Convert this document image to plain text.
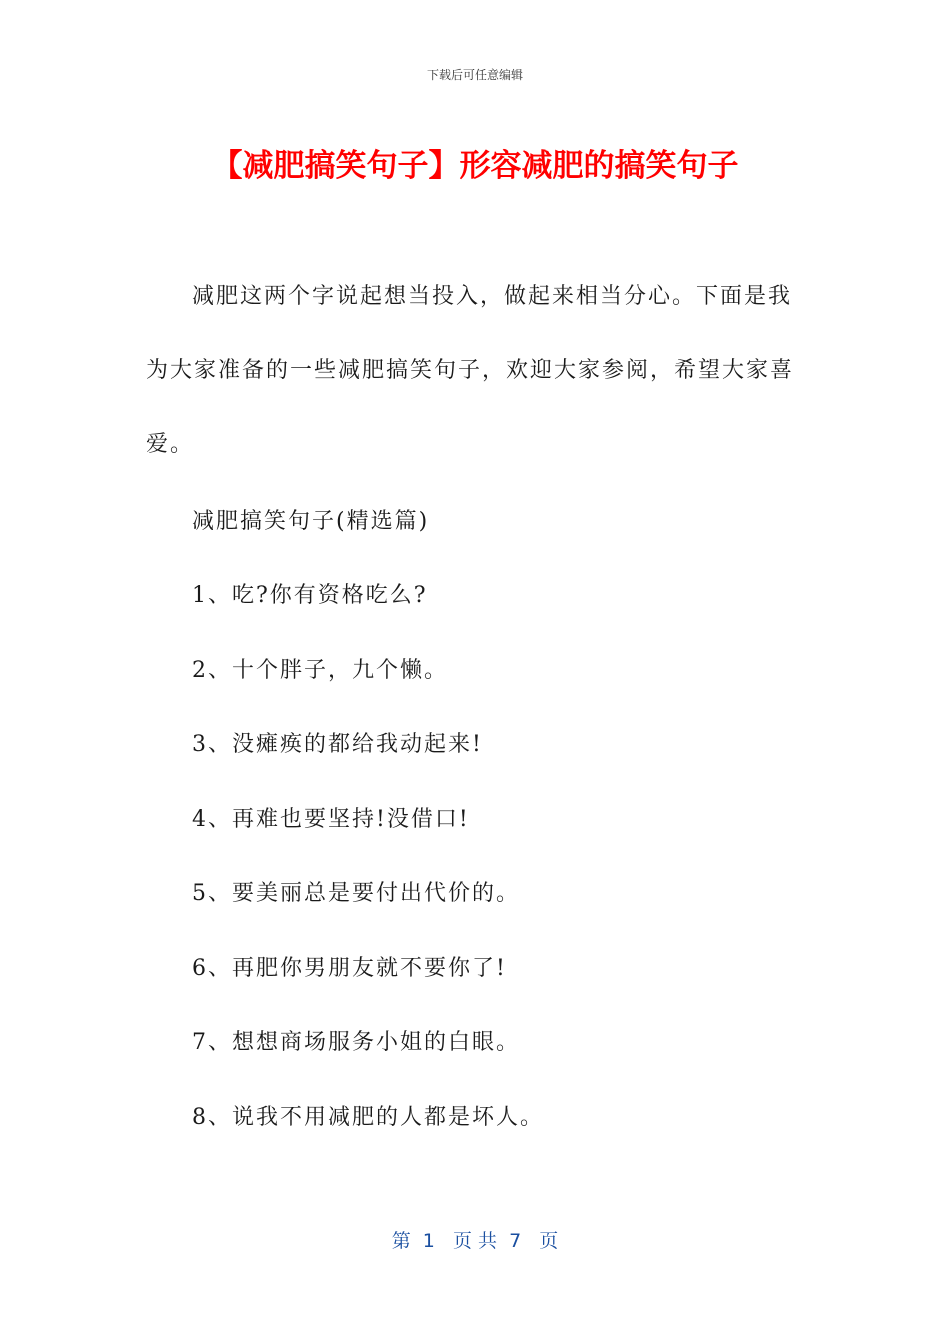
下载后可任意编辑
【减肥搞笑句子】形容减肥的搞笑句子

减肥这两个字说起想当投入，做起来相当分心。下面是我为大家准备的一些减肥搞笑句子，欢迎大家参阅，希望大家喜爱。

减肥搞笑句子(精选篇)

1、吃?你有资格吃么?

2、十个胖子，九个懒。

3、没瘫痪的都给我动起来!

4、再难也要坚持!没借口!

5、要美丽总是要付出代价的。

6、再肥你男朋友就不要你了!

7、想想商场服务小姐的白眼。

8、说我不用减肥的人都是坏人。

第  1   页 共  7   页
